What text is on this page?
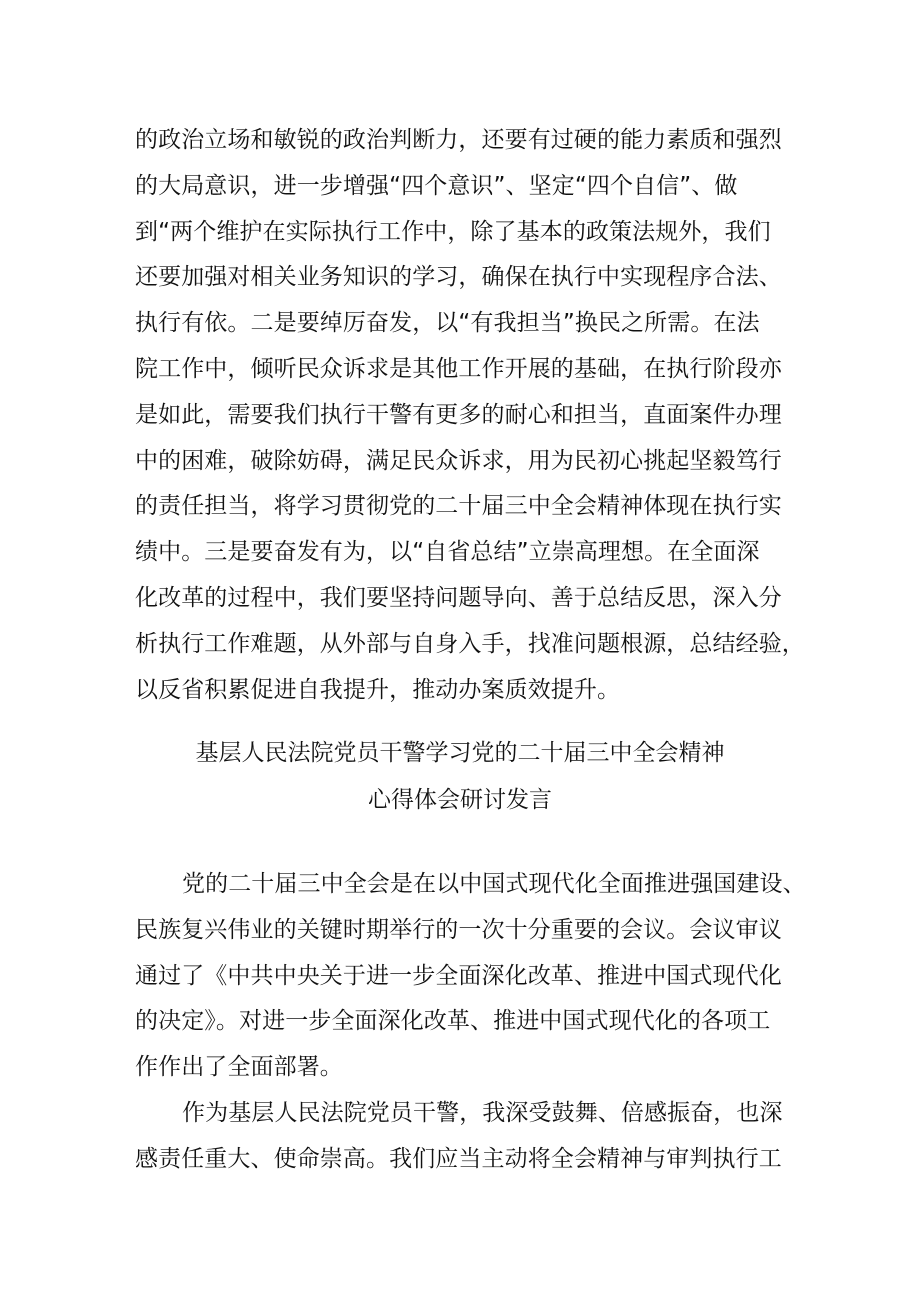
的政治立场和敏锐的政治判断力，还要有过硬的能力素质和强烈
的大局意识，进一步增强“四个意识”、坚定“四个自信”、做
到“两个维护在实际执行工作中，除了基本的政策法规外，我们
还要加强对相关业务知识的学习，确保在执行中实现程序合法、
执行有依。二是要绰厉奋发，以“有我担当”换民之所需。在法
院工作中，倾听民众诉求是其他工作开展的基础，在执行阶段亦
是如此，需要我们执行干警有更多的耐心和担当，直面案件办理
中的困难，破除妨碍，满足民众诉求，用为民初心挑起坚毅笃行
的责任担当，将学习贯彻党的二十届三中全会精神体现在执行实
绩中。三是要奋发有为，以“自省总结”立崇高理想。在全面深
化改革的过程中，我们要坚持问题导向、善于总结反思，深入分
析执行工作难题，从外部与自身入手，找准问题根源，总结经验，
以反省积累促进自我提升，推动办案质效提升。
基层人民法院党员干警学习党的二十届三中全会精神
心得体会研讨发言
党的二十届三中全会是在以中国式现代化全面推进强国建设、
民族复兴伟业的关键时期举行的一次十分重要的会议。会议审议
通过了《中共中央关于进一步全面深化改革、推进中国式现代化
的决定》。对进一步全面深化改革、推进中国式现代化的各项工
作作出了全面部署。
作为基层人民法院党员干警，我深受鼓舞、倍感振奋，也深
感责任重大、使命崇高。我们应当主动将全会精神与审判执行工
